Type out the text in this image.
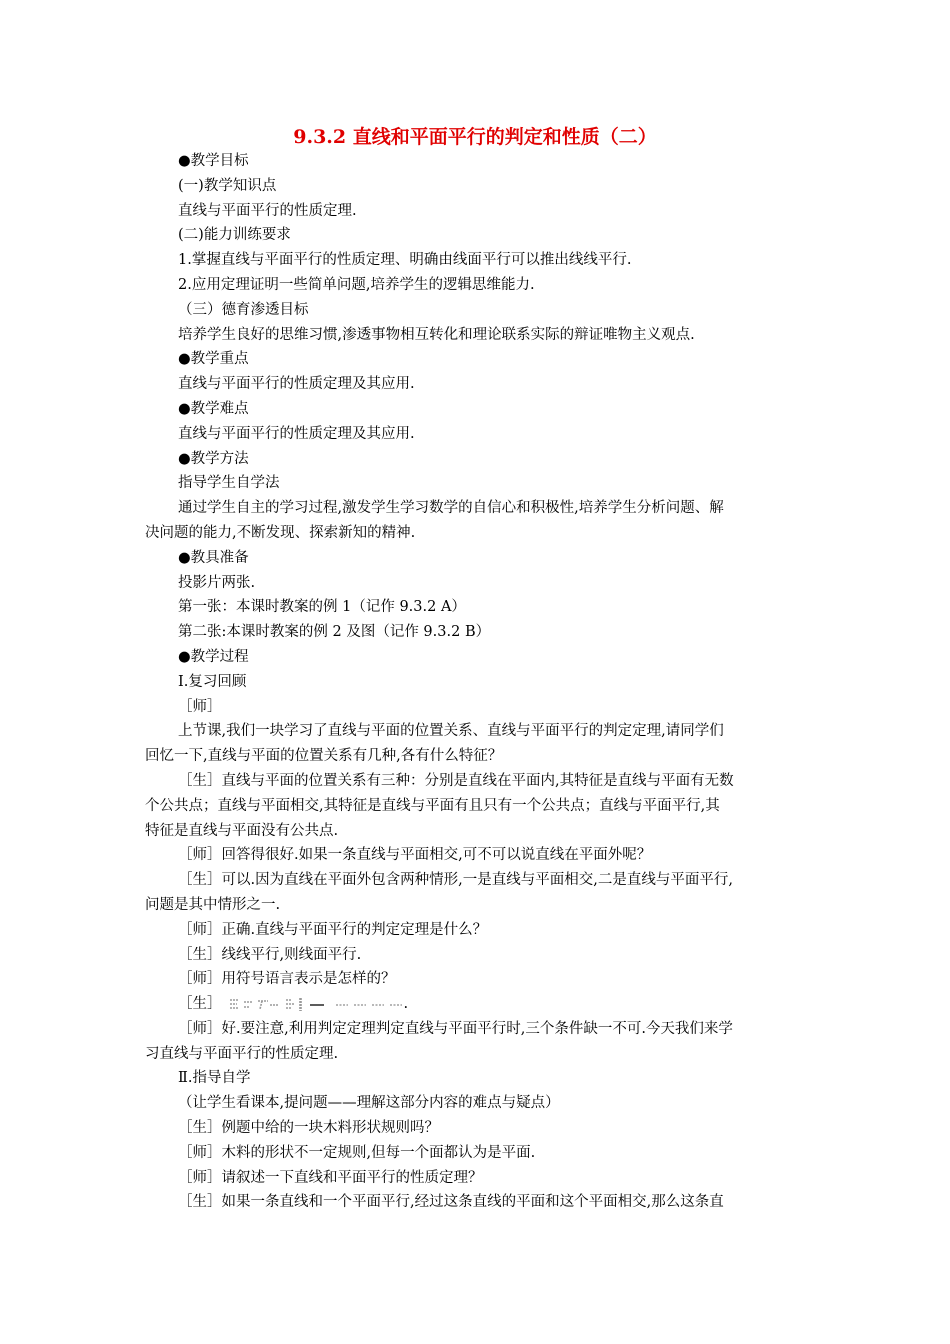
9.3.2 直线和平面平行的判定和性质（二）
●教学目标
(一)教学知识点
直线与平面平行的性质定理.
(二)能力训练要求
1.掌握直线与平面平行的性质定理、明确由线面平行可以推出线线平行.
2.应用定理证明一些简单问题,培养学生的逻辑思维能力.
（三）德育渗透目标
培养学生良好的思维习惯,渗透事物相互转化和理论联系实际的辩证唯物主义观点.
●教学重点
直线与平面平行的性质定理及其应用.
●教学难点
直线与平面平行的性质定理及其应用.
●教学方法
指导学生自学法
通过学生自主的学习过程,激发学生学习数学的自信心和积极性,培养学生分析问题、解
决问题的能力,不断发现、探索新知的精神.
●教具准备
投影片两张.
第一张：本课时教案的例 1（记作 9.3.2 A）
第二张:本课时教案的例 2 及图（记作 9.3.2 B）
●教学过程
Ⅰ.复习回顾
［师］
上节课,我们一块学习了直线与平面的位置关系、直线与平面平行的判定定理,请同学们
回忆一下,直线与平面的位置关系有几种,各有什么特征？
［生］直线与平面的位置关系有三种：分别是直线在平面内,其特征是直线与平面有无数
个公共点；直线与平面相交,其特征是直线与平面有且只有一个公共点；直线与平面平行,其
特征是直线与平面没有公共点.
［师］回答得很好.如果一条直线与平面相交,可不可以说直线在平面外呢？
［生］可以.因为直线在平面外包含两种情形,一是直线与平面相交,二是直线与平面平行,
问题是其中情形之一.
［师］正确.直线与平面平行的判定定理是什么？
［生］线线平行,则线面平行.
［师］用符号语言表示是怎样的？
［生］	.
［师］好.要注意,利用判定定理判定直线与平面平行时,三个条件缺一不可.今天我们来学
习直线与平面平行的性质定理.
Ⅱ.指导自学
（让学生看课本,提问题——理解这部分内容的难点与疑点）
［生］例题中给的一块木料形状规则吗？
［师］木料的形状不一定规则,但每一个面都认为是平面.
［师］请叙述一下直线和平面平行的性质定理？
［生］如果一条直线和一个平面平行,经过这条直线的平面和这个平面相交,那么这条直
